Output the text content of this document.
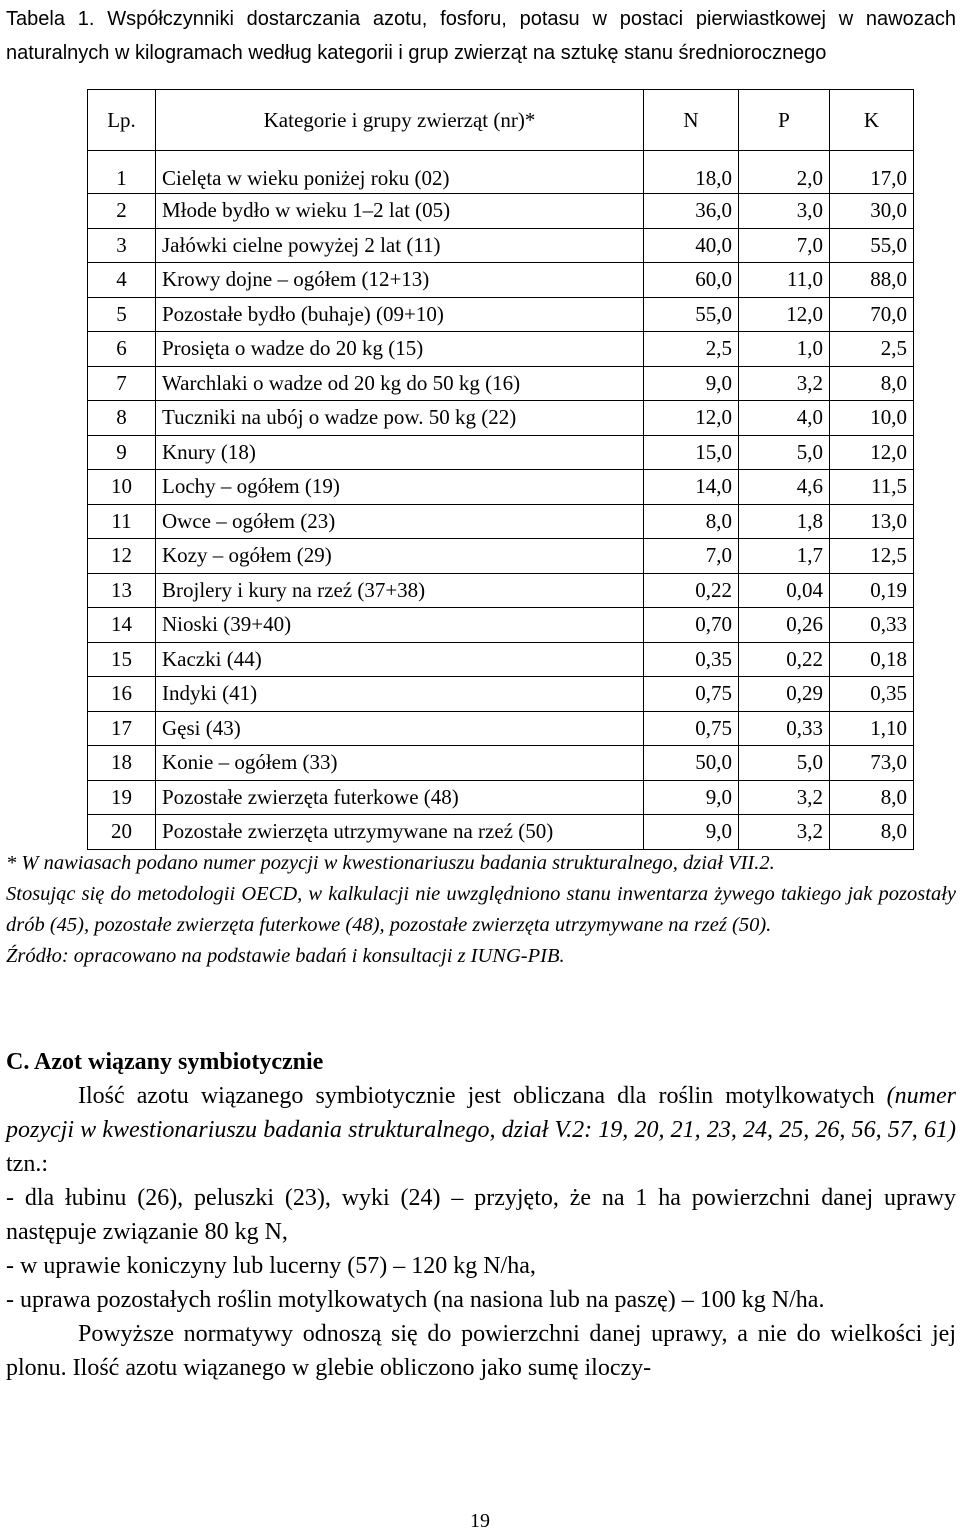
Tabela 1. Współczynniki dostarczania azotu, fosforu, potasu w postaci pierwiastkowej w nawozach naturalnych w kilogramach według kategorii i grup zwierząt na sztukę stanu średniorocznego
Lp.	Kategorie i grupy zwierząt (nr)*	N	P	K
1	Cielęta w wieku poniżej roku (02)	18,0	2,0	17,0
2	Młode bydło w wieku 1–2 lat (05)	36,0	3,0	30,0
3	Jałówki cielne powyżej 2 lat (11)	40,0	7,0	55,0
4	Krowy dojne – ogółem (12+13)	60,0	11,0	88,0
5	Pozostałe bydło (buhaje) (09+10)	55,0	12,0	70,0
6	Prosięta o wadze do 20 kg (15)	2,5	1,0	2,5
7	Warchlaki o wadze od 20 kg do 50 kg (16)	9,0	3,2	8,0
8	Tuczniki na ubój o wadze pow. 50 kg (22)	12,0	4,0	10,0
9	Knury (18)	15,0	5,0	12,0
10	Lochy – ogółem (19)	14,0	4,6	11,5
11	Owce – ogółem (23)	8,0	1,8	13,0
12	Kozy – ogółem (29)	7,0	1,7	12,5
13	Brojlery i kury na rzeź (37+38)	0,22	0,04	0,19
14	Nioski (39+40)	0,70	0,26	0,33
15	Kaczki (44)	0,35	0,22	0,18
16	Indyki (41)	0,75	0,29	0,35
17	Gęsi (43)	0,75	0,33	1,10
18	Konie – ogółem (33)	50,0	5,0	73,0
19	Pozostałe zwierzęta futerkowe (48)	9,0	3,2	8,0
20	Pozostałe zwierzęta utrzymywane na rzeź (50)	9,0	3,2	8,0

* W nawiasach podano numer pozycji w kwestionariuszu badania strukturalnego, dział VII.2.

Stosując się do metodologii OECD, w kalkulacji nie uwzględniono stanu inwentarza żywego takiego jak pozostały drób (45), pozostałe zwierzęta futerkowe (48), pozostałe zwierzęta utrzymywane na rzeź (50).

Źródło: opracowano na podstawie badań i konsultacji z IUNG-PIB.

C. Azot wiązany symbiotycznie

Ilość azotu wiązanego symbiotycznie jest obliczana dla roślin motylkowatych (numer pozycji w kwestionariuszu badania strukturalnego, dział V.2: 19, 20, 21, 23, 24, 25, 26, 56, 57, 61) tzn.:

- dla łubinu (26), peluszki (23), wyki (24) – przyjęto, że na 1 ha powierzchni danej uprawy następuje związanie 80 kg N,

- w uprawie koniczyny lub lucerny (57) – 120 kg N/ha,

- uprawa pozostałych roślin motylkowatych (na nasiona lub na paszę) – 100 kg N/ha.

Powyższe normatywy odnoszą się do powierzchni danej uprawy, a nie do wielkości jej plonu. Ilość azotu wiązanego w glebie obliczono jako sumę iloczy-

19
